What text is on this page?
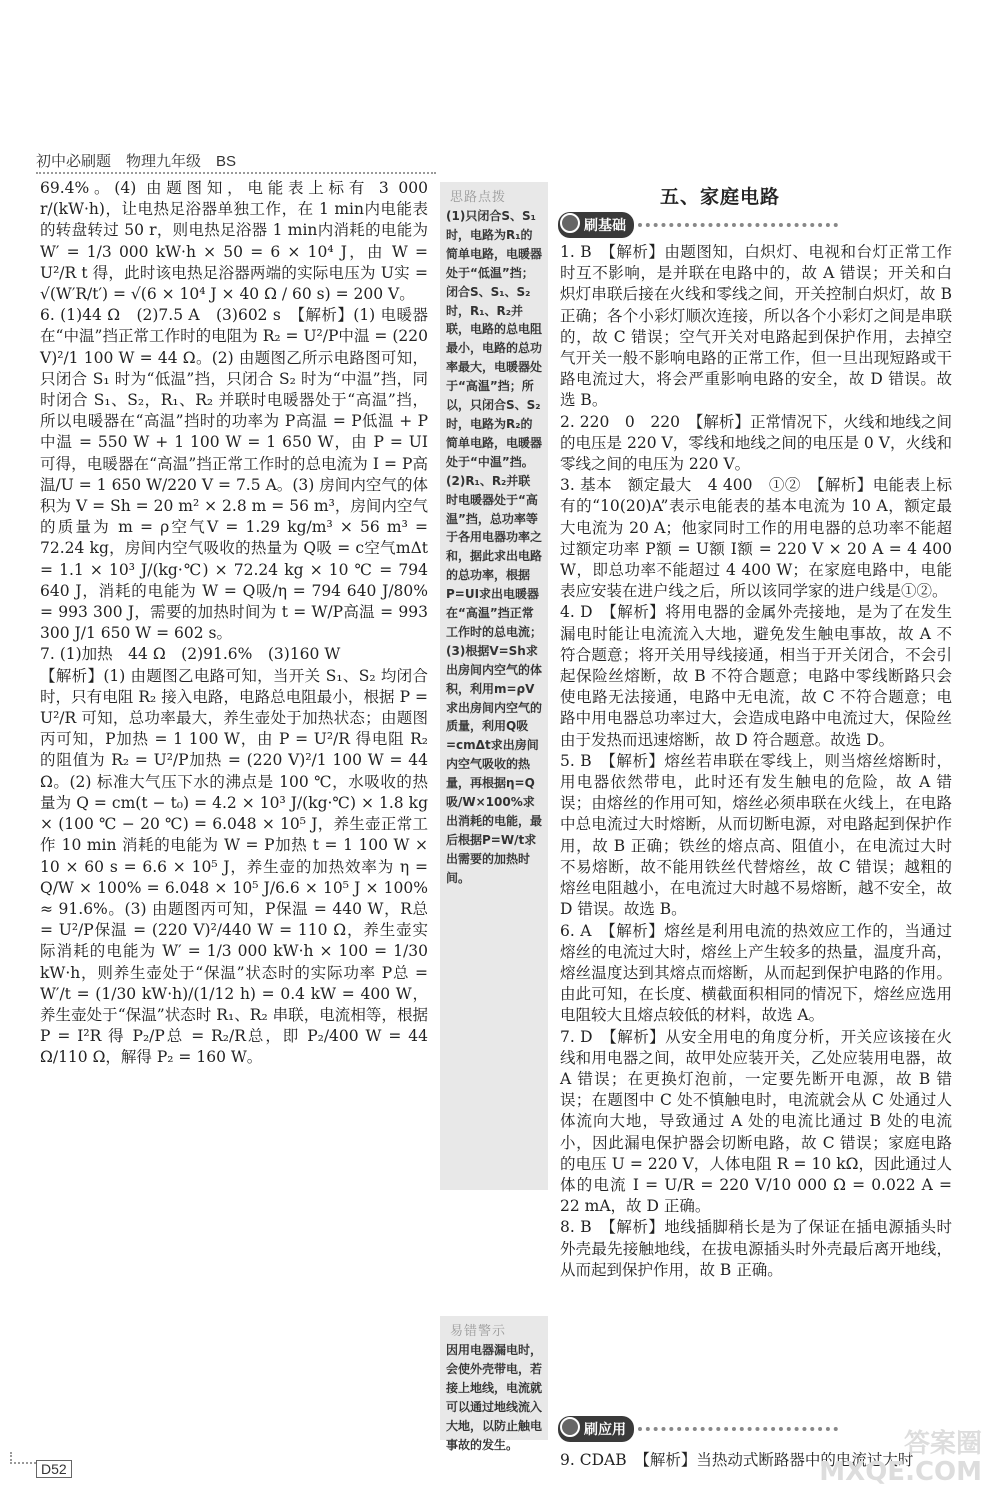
初中必刷题　物理九年级　BS

69.4%。(4) 由题图知，电能表上标有 3 000 r/(kW·h)，让电热足浴器单独工作，在 1 min内电能表的转盘转过 50 r，则电热足浴器 1 min内消耗的电能为 W′ = 1/3 000 kW·h × 50 = 6 × 10⁴ J，由 W = U²/R t 得，此时该电热足浴器两端的实际电压为 U实 = √(W′R/t′) = √(6 × 10⁴ J × 40 Ω / 60 s) = 200 V。

6. (1)44 Ω　(2)7.5 A　(3)602 s　【解析】(1) 电暖器在“中温”挡正常工作时的电阻为 R₂ = U²/P中温 = (220 V)²/1 100 W = 44 Ω。(2) 由题图乙所示电路图可知，只闭合 S₁ 时为“低温”挡，只闭合 S₂ 时为“中温”挡，同时闭合 S₁、S₂，R₁、R₂ 并联时电暖器处于“高温”挡，所以电暖器在“高温”挡时的功率为 P高温 = P低温 + P中温 = 550 W + 1 100 W = 1 650 W，由 P = UI 可得，电暖器在“高温”挡正常工作时的总电流为 I = P高温/U = 1 650 W/220 V = 7.5 A。(3) 房间内空气的体积为 V = Sh = 20 m² × 2.8 m = 56 m³，房间内空气的质量为 m = ρ空气V = 1.29 kg/m³ × 56 m³ = 72.24 kg，房间内空气吸收的热量为 Q吸 = c空气mΔt = 1.1 × 10³ J/(kg·℃) × 72.24 kg × 10 ℃ = 794 640 J，消耗的电能为 W = Q吸/η = 794 640 J/80% = 993 300 J，需要的加热时间为 t = W/P高温 = 993 300 J/1 650 W = 602 s。

7. (1)加热　44 Ω　(2)91.6%　(3)160 W

【解析】(1) 由题图乙电路可知，当开关 S₁、S₂ 均闭合时，只有电阻 R₂ 接入电路，电路总电阻最小，根据 P = U²/R 可知，总功率最大，养生壶处于加热状态；由题图丙可知，P加热 = 1 100 W，由 P = U²/R 得电阻 R₂ 的阻值为 R₂ = U²/P加热 = (220 V)²/1 100 W = 44 Ω。(2) 标准大气压下水的沸点是 100 ℃，水吸收的热量为 Q = cm(t − t₀) = 4.2 × 10³ J/(kg·℃) × 1.8 kg × (100 ℃ − 20 ℃) = 6.048 × 10⁵ J，养生壶正常工作 10 min 消耗的电能为 W = P加热 t = 1 100 W × 10 × 60 s = 6.6 × 10⁵ J，养生壶的加热效率为 η = Q/W × 100% = 6.048 × 10⁵ J/6.6 × 10⁵ J × 100% ≈ 91.6%。(3) 由题图丙可知，P保温 = 440 W，R总 = U²/P保温 = (220 V)²/440 W = 110 Ω，养生壶实际消耗的电能为 W′ = 1/3 000 kW·h × 100 = 1/30 kW·h，则养生壶处于“保温”状态时的实际功率 P总 = W′/t = (1/30 kW·h)/(1/12 h) = 0.4 kW = 400 W，养生壶处于“保温”状态时 R₁、R₂ 串联，电流相等，根据 P = I²R 得 P₂/P总 = R₂/R总，即 P₂/400 W = 44 Ω/110 Ω，解得 P₂ = 160 W。

思路点拨
(1)只闭合S、S₁时，电路为R₁的简单电路，电暖器处于“低温”挡；闭合S、S₁、S₂时，R₁、R₂并联，电路的总电阻最小，电路的总功率最大，电暖器处于“高温”挡；所以，只闭合S、S₂时，电路为R₂的简单电路，电暖器处于“中温”挡。(2)R₁、R₂并联时电暖器处于“高温”挡，总功率等于各用电器功率之和，据此求出电路的总功率，根据P=UI求出电暖器在“高温”挡正常工作时的总电流；(3)根据V=Sh求出房间内空气的体积，利用m=ρV求出房间内空气的质量，利用Q吸=cmΔt求出房间内空气吸收的热量，再根据η=Q吸/W×100%求出消耗的电能，最后根据P=W/t求出需要的加热时间。
易错警示
因用电器漏电时，会使外壳带电，若接上地线，电流就可以通过地线流入大地，以防止触电事故的发生。
五、家庭电路
刷基础

1. B　【解析】由题图知，白炽灯、电视和台灯正常工作时互不影响，是并联在电路中的，故 A 错误；开关和白炽灯串联后接在火线和零线之间，开关控制白炽灯，故 B 正确；各个小彩灯顺次连接，所以各个小彩灯之间是串联的，故 C 错误；空气开关对电路起到保护作用，去掉空气开关一般不影响电路的正常工作，但一旦出现短路或干路电流过大，将会严重影响电路的安全，故 D 错误。故选 B。

2. 220　0　220　【解析】正常情况下，火线和地线之间的电压是 220 V，零线和地线之间的电压是 0 V，火线和零线之间的电压为 220 V。

3. 基本　额定最大　4 400　①②　【解析】电能表上标有的“10(20)A”表示电能表的基本电流为 10 A，额定最大电流为 20 A；他家同时工作的用电器的总功率不能超过额定功率 P额 = U额 I额 = 220 V × 20 A = 4 400 W，即总功率不能超过 4 400 W；在家庭电路中，电能表应安装在进户线之后，所以该同学家的进户线是①②。

4. D　【解析】将用电器的金属外壳接地，是为了在发生漏电时能让电流流入大地，避免发生触电事故，故 A 不符合题意；将开关用导线接通，相当于开关闭合，不会引起保险丝熔断，故 B 不符合题意；电路中零线断路只会使电路无法接通，电路中无电流，故 C 不符合题意；电路中用电器总功率过大，会造成电路中电流过大，保险丝由于发热而迅速熔断，故 D 符合题意。故选 D。

5. B　【解析】熔丝若串联在零线上，则当熔丝熔断时，用电器依然带电，此时还有发生触电的危险，故 A 错误；由熔丝的作用可知，熔丝必须串联在火线上，在电路中总电流过大时熔断，从而切断电源，对电路起到保护作用，故 B 正确；铁丝的熔点高、阻值小，在电流过大时不易熔断，故不能用铁丝代替熔丝，故 C 错误；越粗的熔丝电阻越小，在电流过大时越不易熔断，越不安全，故 D 错误。故选 B。

6. A　【解析】熔丝是利用电流的热效应工作的，当通过熔丝的电流过大时，熔丝上产生较多的热量，温度升高，熔丝温度达到其熔点而熔断，从而起到保护电路的作用。由此可知，在长度、横截面积相同的情况下，熔丝应选用电阻较大且熔点较低的材料，故选 A。

7. D　【解析】从安全用电的角度分析，开关应该接在火线和用电器之间，故甲处应装开关，乙处应装用电器，故 A 错误；在更换灯泡前，一定要先断开电源，故 B 错误；在题图中 C 处不慎触电时，电流就会从 C 处通过人体流向大地，导致通过 A 处的电流比通过 B 处的电流小，因此漏电保护器会切断电路，故 C 错误；家庭电路的电压 U = 220 V，人体电阻 R = 10 kΩ，因此通过人体的电流 I = U/R = 220 V/10 000 Ω = 0.022 A = 22 mA，故 D 正确。

8. B　【解析】地线插脚稍长是为了保证在插电源插头时外壳最先接触地线，在拔电源插头时外壳最后离开地线，从而起到保护作用，故 B 正确。

刷应用

9. CDAB　【解析】当热动式断路器中的电流过大时

D52
答案圈
MXQE.COM
